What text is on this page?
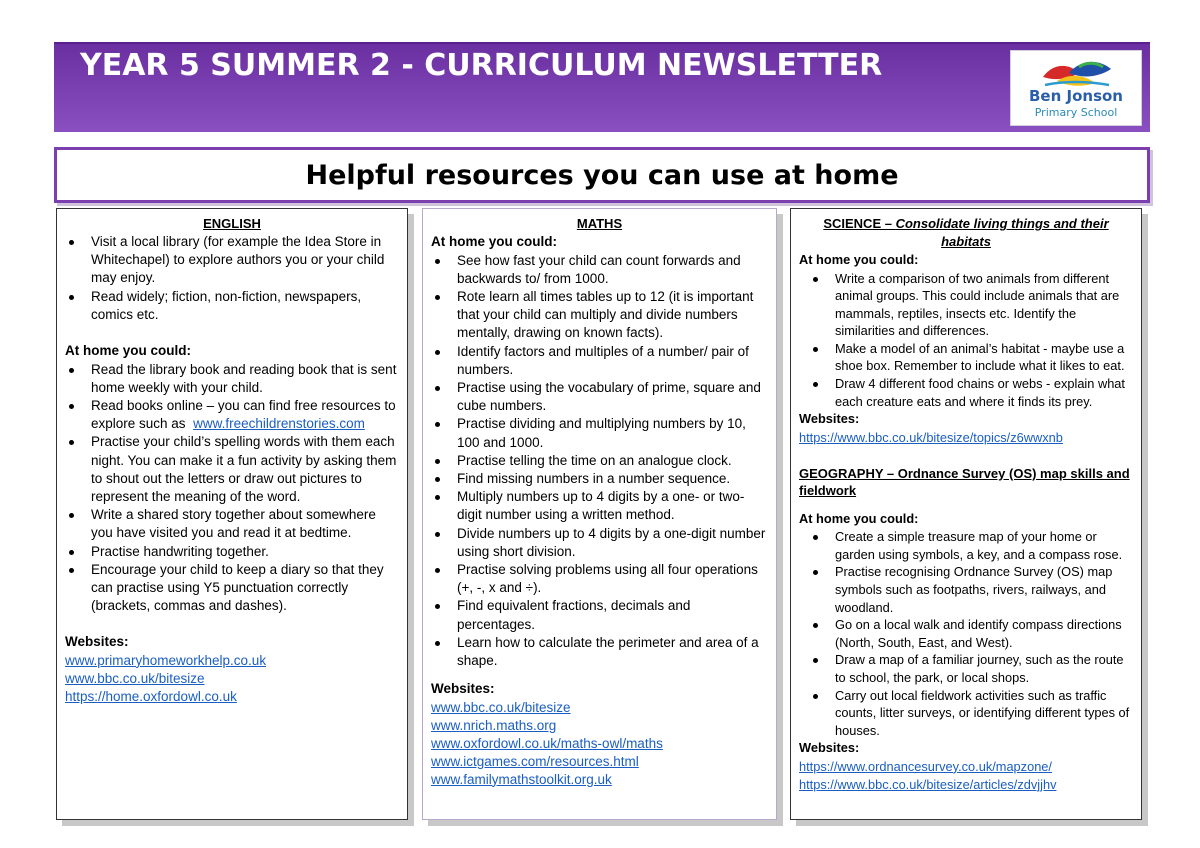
YEAR 5 SUMMER 2 - CURRICULUM NEWSLETTER
Ben Jonson
Primary School
Helpful resources you can use at home
ENGLISH
Visit a local library (for example the Idea Store in Whitechapel) to explore authors you or your child may enjoy.
Read widely; fiction, non-fiction, newspapers, comics etc.
At home you could:
Read the library book and reading book that is sent home weekly with your child.
Read books online – you can find free resources to explore such as www.freechildrenstories.com
Practise your child’s spelling words with them each night. You can make it a fun activity by asking them to shout out the letters or draw out pictures to represent the meaning of the word.
Write a shared story together about somewhere you have visited you and read it at bedtime.
Practise handwriting together.
Encourage your child to keep a diary so that they can practise using Y5 punctuation correctly (brackets, commas and dashes).
Websites:
www.primaryhomeworkhelp.co.uk
www.bbc.co.uk/bitesize
https://home.oxfordowl.co.uk
MATHS
At home you could:
See how fast your child can count forwards and backwards to/ from 1000.
Rote learn all times tables up to 12 (it is important that your child can multiply and divide numbers mentally, drawing on known facts).
Identify factors and multiples of a number/ pair of numbers.
Practise using the vocabulary of prime, square and cube numbers.
Practise dividing and multiplying numbers by 10, 100 and 1000.
Practise telling the time on an analogue clock.
Find missing numbers in a number sequence.
Multiply numbers up to 4 digits by a one- or two-digit number using a written method.
Divide numbers up to 4 digits by a one-digit number using short division.
Practise solving problems using all four operations (+, -, x and ÷).
Find equivalent fractions, decimals and percentages.
Learn how to calculate the perimeter and area of a shape.
Websites:
www.bbc.co.uk/bitesize
www.nrich.maths.org
www.oxfordowl.co.uk/maths-owl/maths
www.ictgames.com/resources.html
www.familymathstoolkit.org.uk
SCIENCE – Consolidate living things and their habitats
At home you could:
Write a comparison of two animals from different animal groups. This could include animals that are mammals, reptiles, insects etc. Identify the similarities and differences.
Make a model of an animal’s habitat - maybe use a shoe box. Remember to include what it likes to eat.
Draw 4 different food chains or webs - explain what each creature eats and where it finds its prey.
Websites:
https://www.bbc.co.uk/bitesize/topics/z6wwxnb
GEOGRAPHY – Ordnance Survey (OS) map skills and fieldwork
At home you could:
Create a simple treasure map of your home or garden using symbols, a key, and a compass rose.
Practise recognising Ordnance Survey (OS) map symbols such as footpaths, rivers, railways, and woodland.
Go on a local walk and identify compass directions (North, South, East, and West).
Draw a map of a familiar journey, such as the route to school, the park, or local shops.
Carry out local fieldwork activities such as traffic counts, litter surveys, or identifying different types of houses.
Websites:
https://www.ordnancesurvey.co.uk/mapzone/
https://www.bbc.co.uk/bitesize/articles/zdvjjhv
